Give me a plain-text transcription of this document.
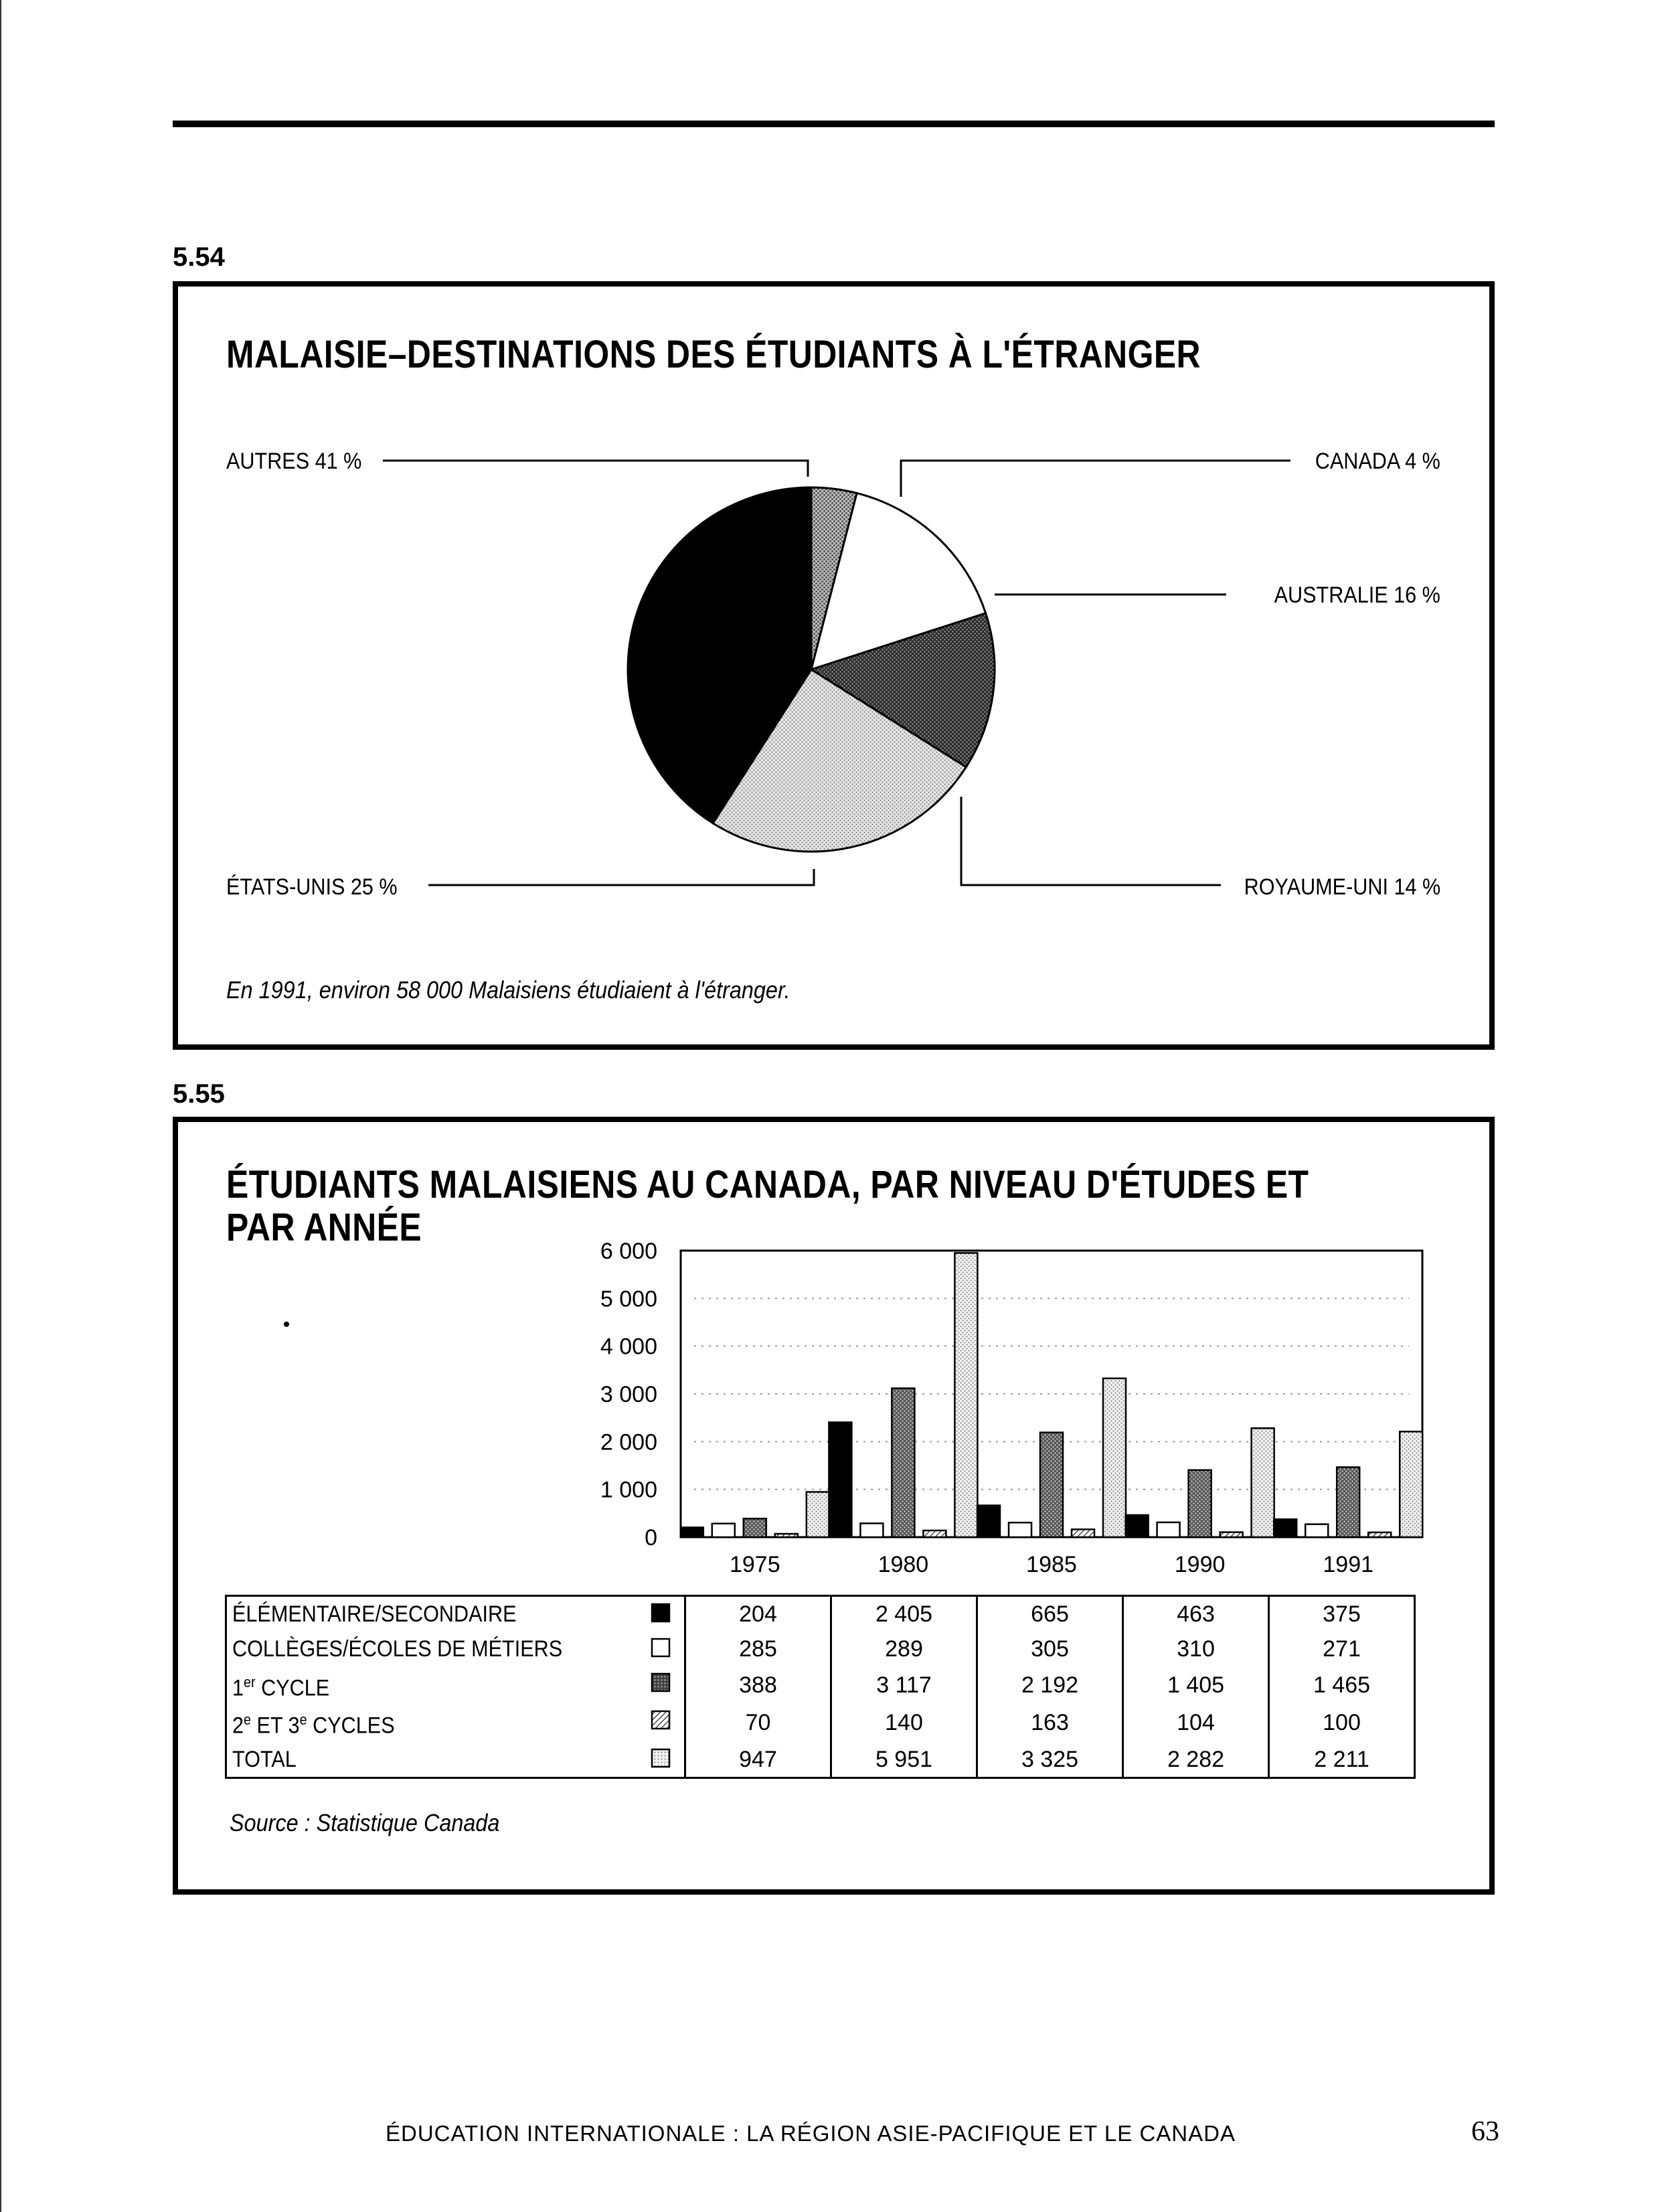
5.54
MALAISIE–DESTINATIONS DES ÉTUDIANTS À L'ÉTRANGER
AUTRES 41 %	CANADA 4 %
AUSTRALIE 16 %
ÉTATS-UNIS 25 %	ROYAUME-UNI 14 %
En 1991, environ 58 000 Malaisiens étudiaient à l'étranger.
5.55
ÉTUDIANTS MALAISIENS AU CANADA, PAR NIVEAU D'ÉTUDES ET
PAR ANNÉE
0
1 000
2 000
3 000
4 000
5 000
6 000
1975	1980	1985	1990	1991
ÉLÉMENTAIRE/SECONDAIRE	204	2 405	665	463	375
COLLÈGES/ÉCOLES DE MÉTIERS	285	289	305	310	271
1er CYCLE	388	3 117	2 192	1 405	1 465
2e ET 3e CYCLES	70	140	163	104	100
TOTAL	947	5 951	3 325	2 282	2 211
Source : Statistique Canada
ÉDUCATION INTERNATIONALE : LA RÉGION ASIE-PACIFIQUE ET LE CANADA	63
